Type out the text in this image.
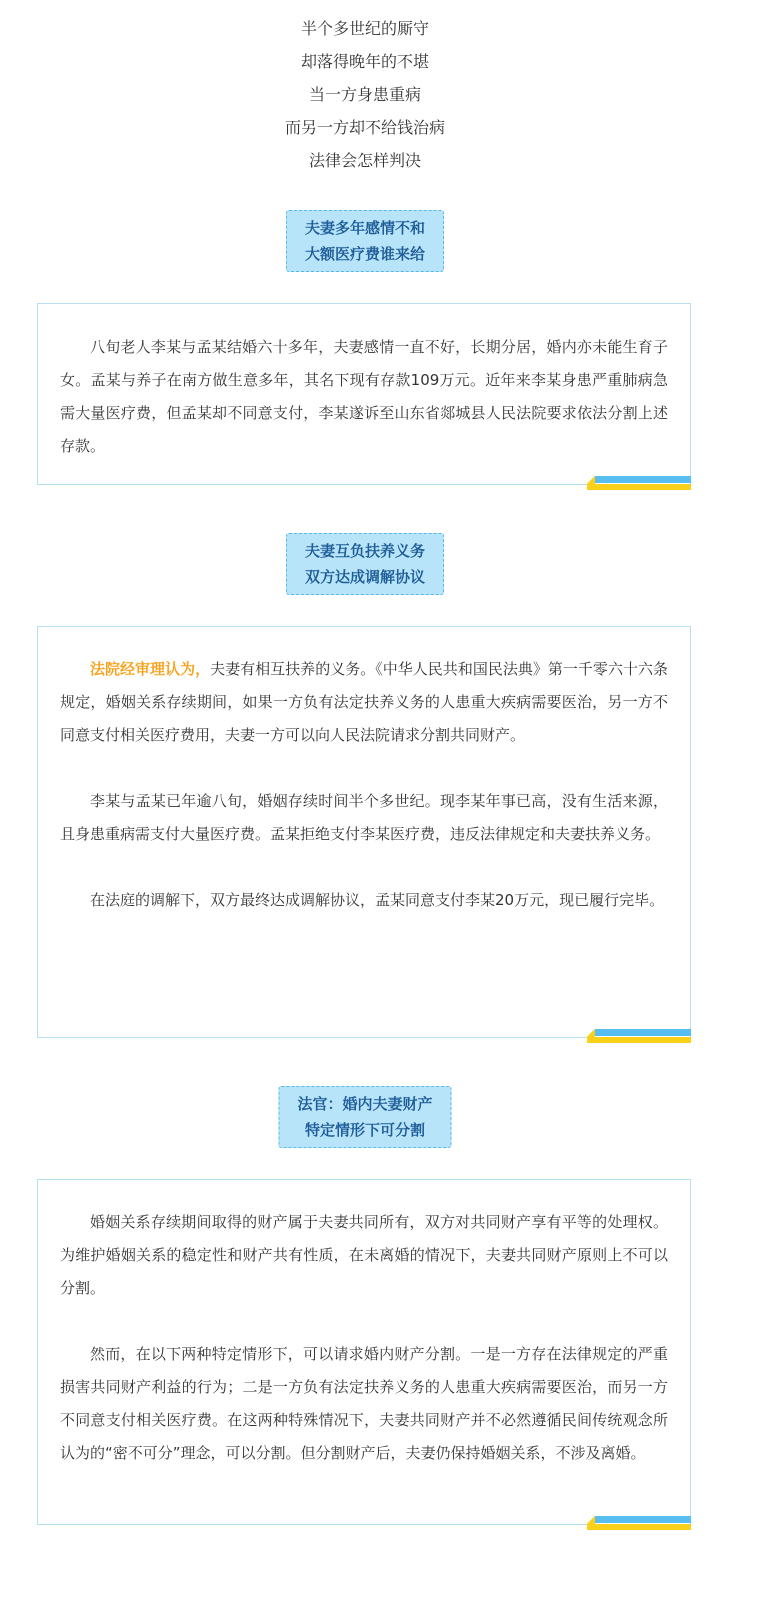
半个多世纪的厮守
却落得晚年的不堪
当一方身患重病
而另一方却不给钱治病
法律会怎样判决
夫妻多年感情不和
大额医疗费谁来给

八旬老人李某与孟某结婚六十多年，夫妻感情一直不好，长期分居，婚内亦未能生育子女。孟某与养子在南方做生意多年，其名下现有存款109万元。近年来李某身患严重肺病急需大量医疗费，但孟某却不同意支付，李某遂诉至山东省郯城县人民法院要求依法分割上述存款。

夫妻互负扶养义务
双方达成调解协议

法院经审理认为，夫妻有相互扶养的义务。《中华人民共和国民法典》第一千零六十六条规定，婚姻关系存续期间，如果一方负有法定扶养义务的人患重大疾病需要医治，另一方不同意支付相关医疗费用，夫妻一方可以向人民法院请求分割共同财产。

李某与孟某已年逾八旬，婚姻存续时间半个多世纪。现李某年事已高，没有生活来源，且身患重病需支付大量医疗费。孟某拒绝支付李某医疗费，违反法律规定和夫妻扶养义务。

在法庭的调解下，双方最终达成调解协议，孟某同意支付李某20万元，现已履行完毕。

法官：婚内夫妻财产
特定情形下可分割

婚姻关系存续期间取得的财产属于夫妻共同所有，双方对共同财产享有平等的处理权。为维护婚姻关系的稳定性和财产共有性质，在未离婚的情况下，夫妻共同财产原则上不可以分割。

然而，在以下两种特定情形下，可以请求婚内财产分割。一是一方存在法律规定的严重损害共同财产利益的行为；二是一方负有法定扶养义务的人患重大疾病需要医治，而另一方不同意支付相关医疗费。在这两种特殊情况下，夫妻共同财产并不必然遵循民间传统观念所认为的“密不可分”理念，可以分割。但分割财产后，夫妻仍保持婚姻关系，不涉及离婚。
